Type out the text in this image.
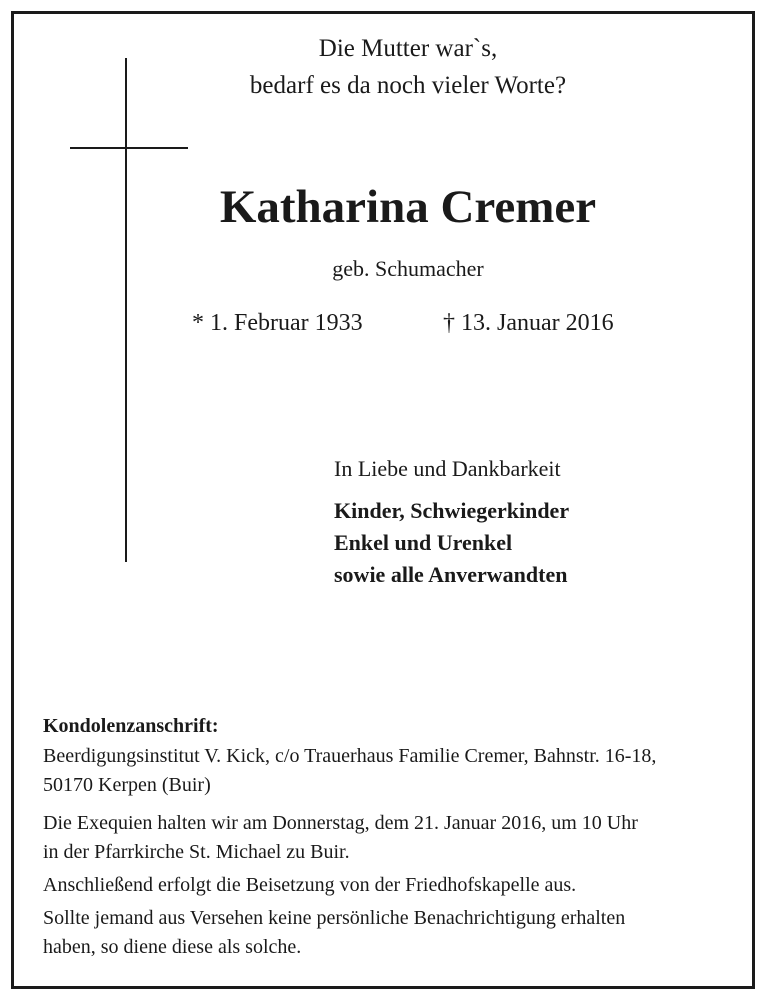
Die Mutter war`s,
bedarf es da noch vieler Worte?
Katharina Cremer
geb. Schumacher
* 1. Februar 1933	† 13. Januar 2016
In Liebe und Dankbarkeit
Kinder, Schwiegerkinder
Enkel und Urenkel
sowie alle Anverwandten
Kondolenzanschrift:
Beerdigungsinstitut V. Kick, c/o Trauerhaus Familie Cremer, Bahnstr. 16-18,
50170 Kerpen (Buir)
Die Exequien halten wir am Donnerstag, dem 21. Januar 2016, um 10 Uhr
in der Pfarrkirche St. Michael zu Buir.
Anschließend erfolgt die Beisetzung von der Friedhofskapelle aus.
Sollte jemand aus Versehen keine persönliche Benachrichtigung erhalten
haben, so diene diese als solche.
